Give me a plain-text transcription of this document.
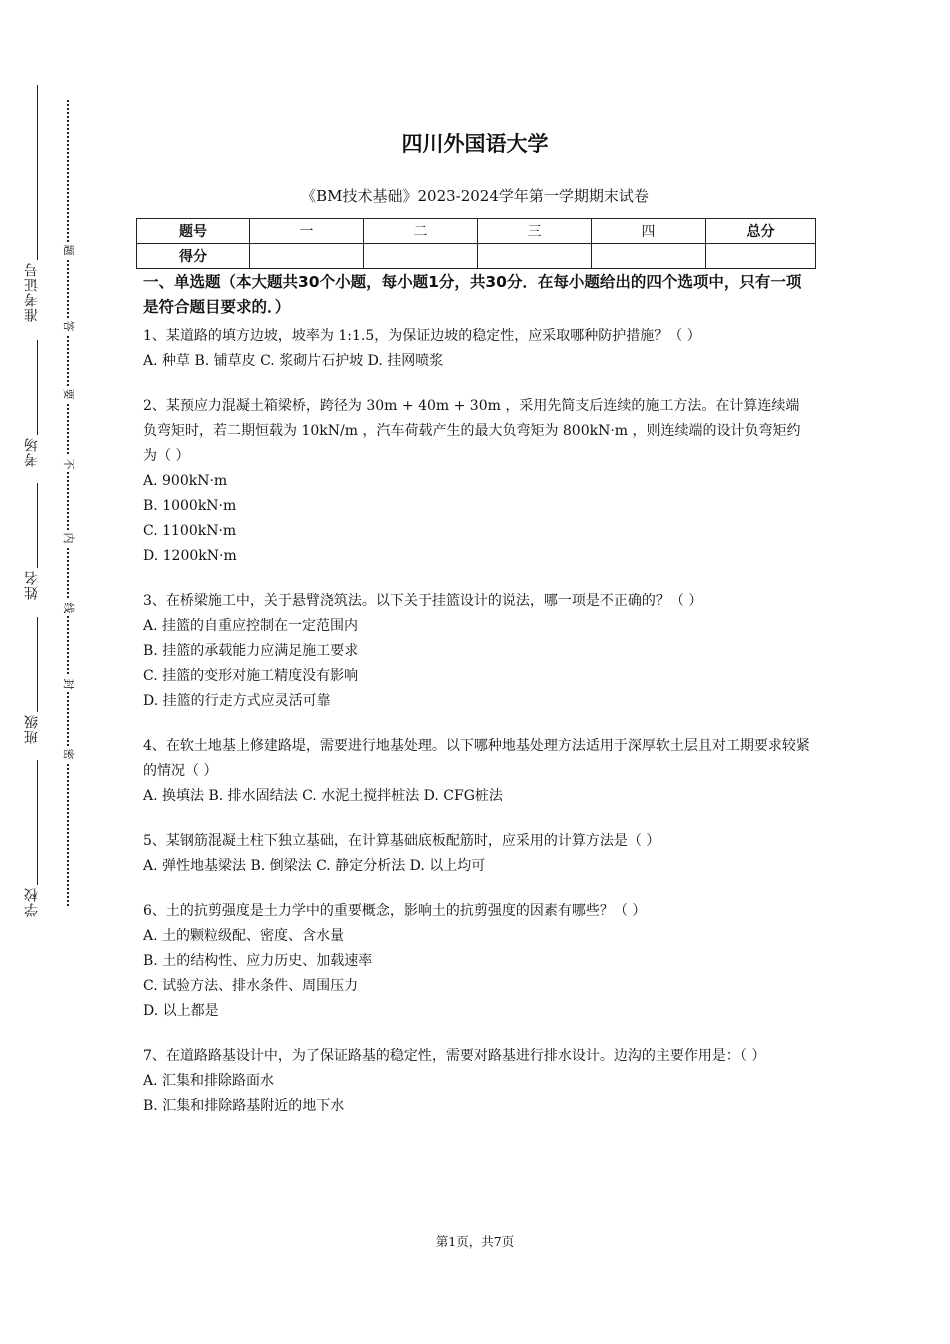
准考证号
考场
姓名
班级
学校
题
答
要
不
内
线
封
密
四川外国语大学
《BM技术基础》2023-2024学年第一学期期末试卷
题号	一	二	三	四	总分
得分					
一、单选题（本大题共30个小题，每小题1分，共30分．在每小题给出的四个选项中，只有一项是符合题目要求的．）
1、某道路的填方边坡，坡率为 1:1.5，为保证边坡的稳定性，应采取哪种防护措施？（ ）
A. 种草 B. 铺草皮 C. 浆砌片石护坡 D. 挂网喷浆
2、某预应力混凝土箱梁桥，跨径为 30m + 40m + 30m ，采用先简支后连续的施工方法。在计算连续端负弯矩时，若二期恒载为 10kN/m ，汽车荷载产生的最大负弯矩为 800kN·m ，则连续端的设计负弯矩约为（ ）
A. 900kN·m
B. 1000kN·m
C. 1100kN·m
D. 1200kN·m
3、在桥梁施工中，关于悬臂浇筑法。以下关于挂篮设计的说法，哪一项是不正确的？（ ）
A. 挂篮的自重应控制在一定范围内
B. 挂篮的承载能力应满足施工要求
C. 挂篮的变形对施工精度没有影响
D. 挂篮的行走方式应灵活可靠
4、在软土地基上修建路堤，需要进行地基处理。以下哪种地基处理方法适用于深厚软土层且对工期要求较紧的情况（ ）
A. 换填法 B. 排水固结法 C. 水泥土搅拌桩法 D. CFG桩法
5、某钢筋混凝土柱下独立基础，在计算基础底板配筋时，应采用的计算方法是（ ）
A. 弹性地基梁法 B. 倒梁法 C. 静定分析法 D. 以上均可
6、土的抗剪强度是土力学中的重要概念，影响土的抗剪强度的因素有哪些？（ ）
A. 土的颗粒级配、密度、含水量
B. 土的结构性、应力历史、加载速率
C. 试验方法、排水条件、周围压力
D. 以上都是
7、在道路路基设计中，为了保证路基的稳定性，需要对路基进行排水设计。边沟的主要作用是：（ ）
A. 汇集和排除路面水
B. 汇集和排除路基附近的地下水
第1页，共7页
